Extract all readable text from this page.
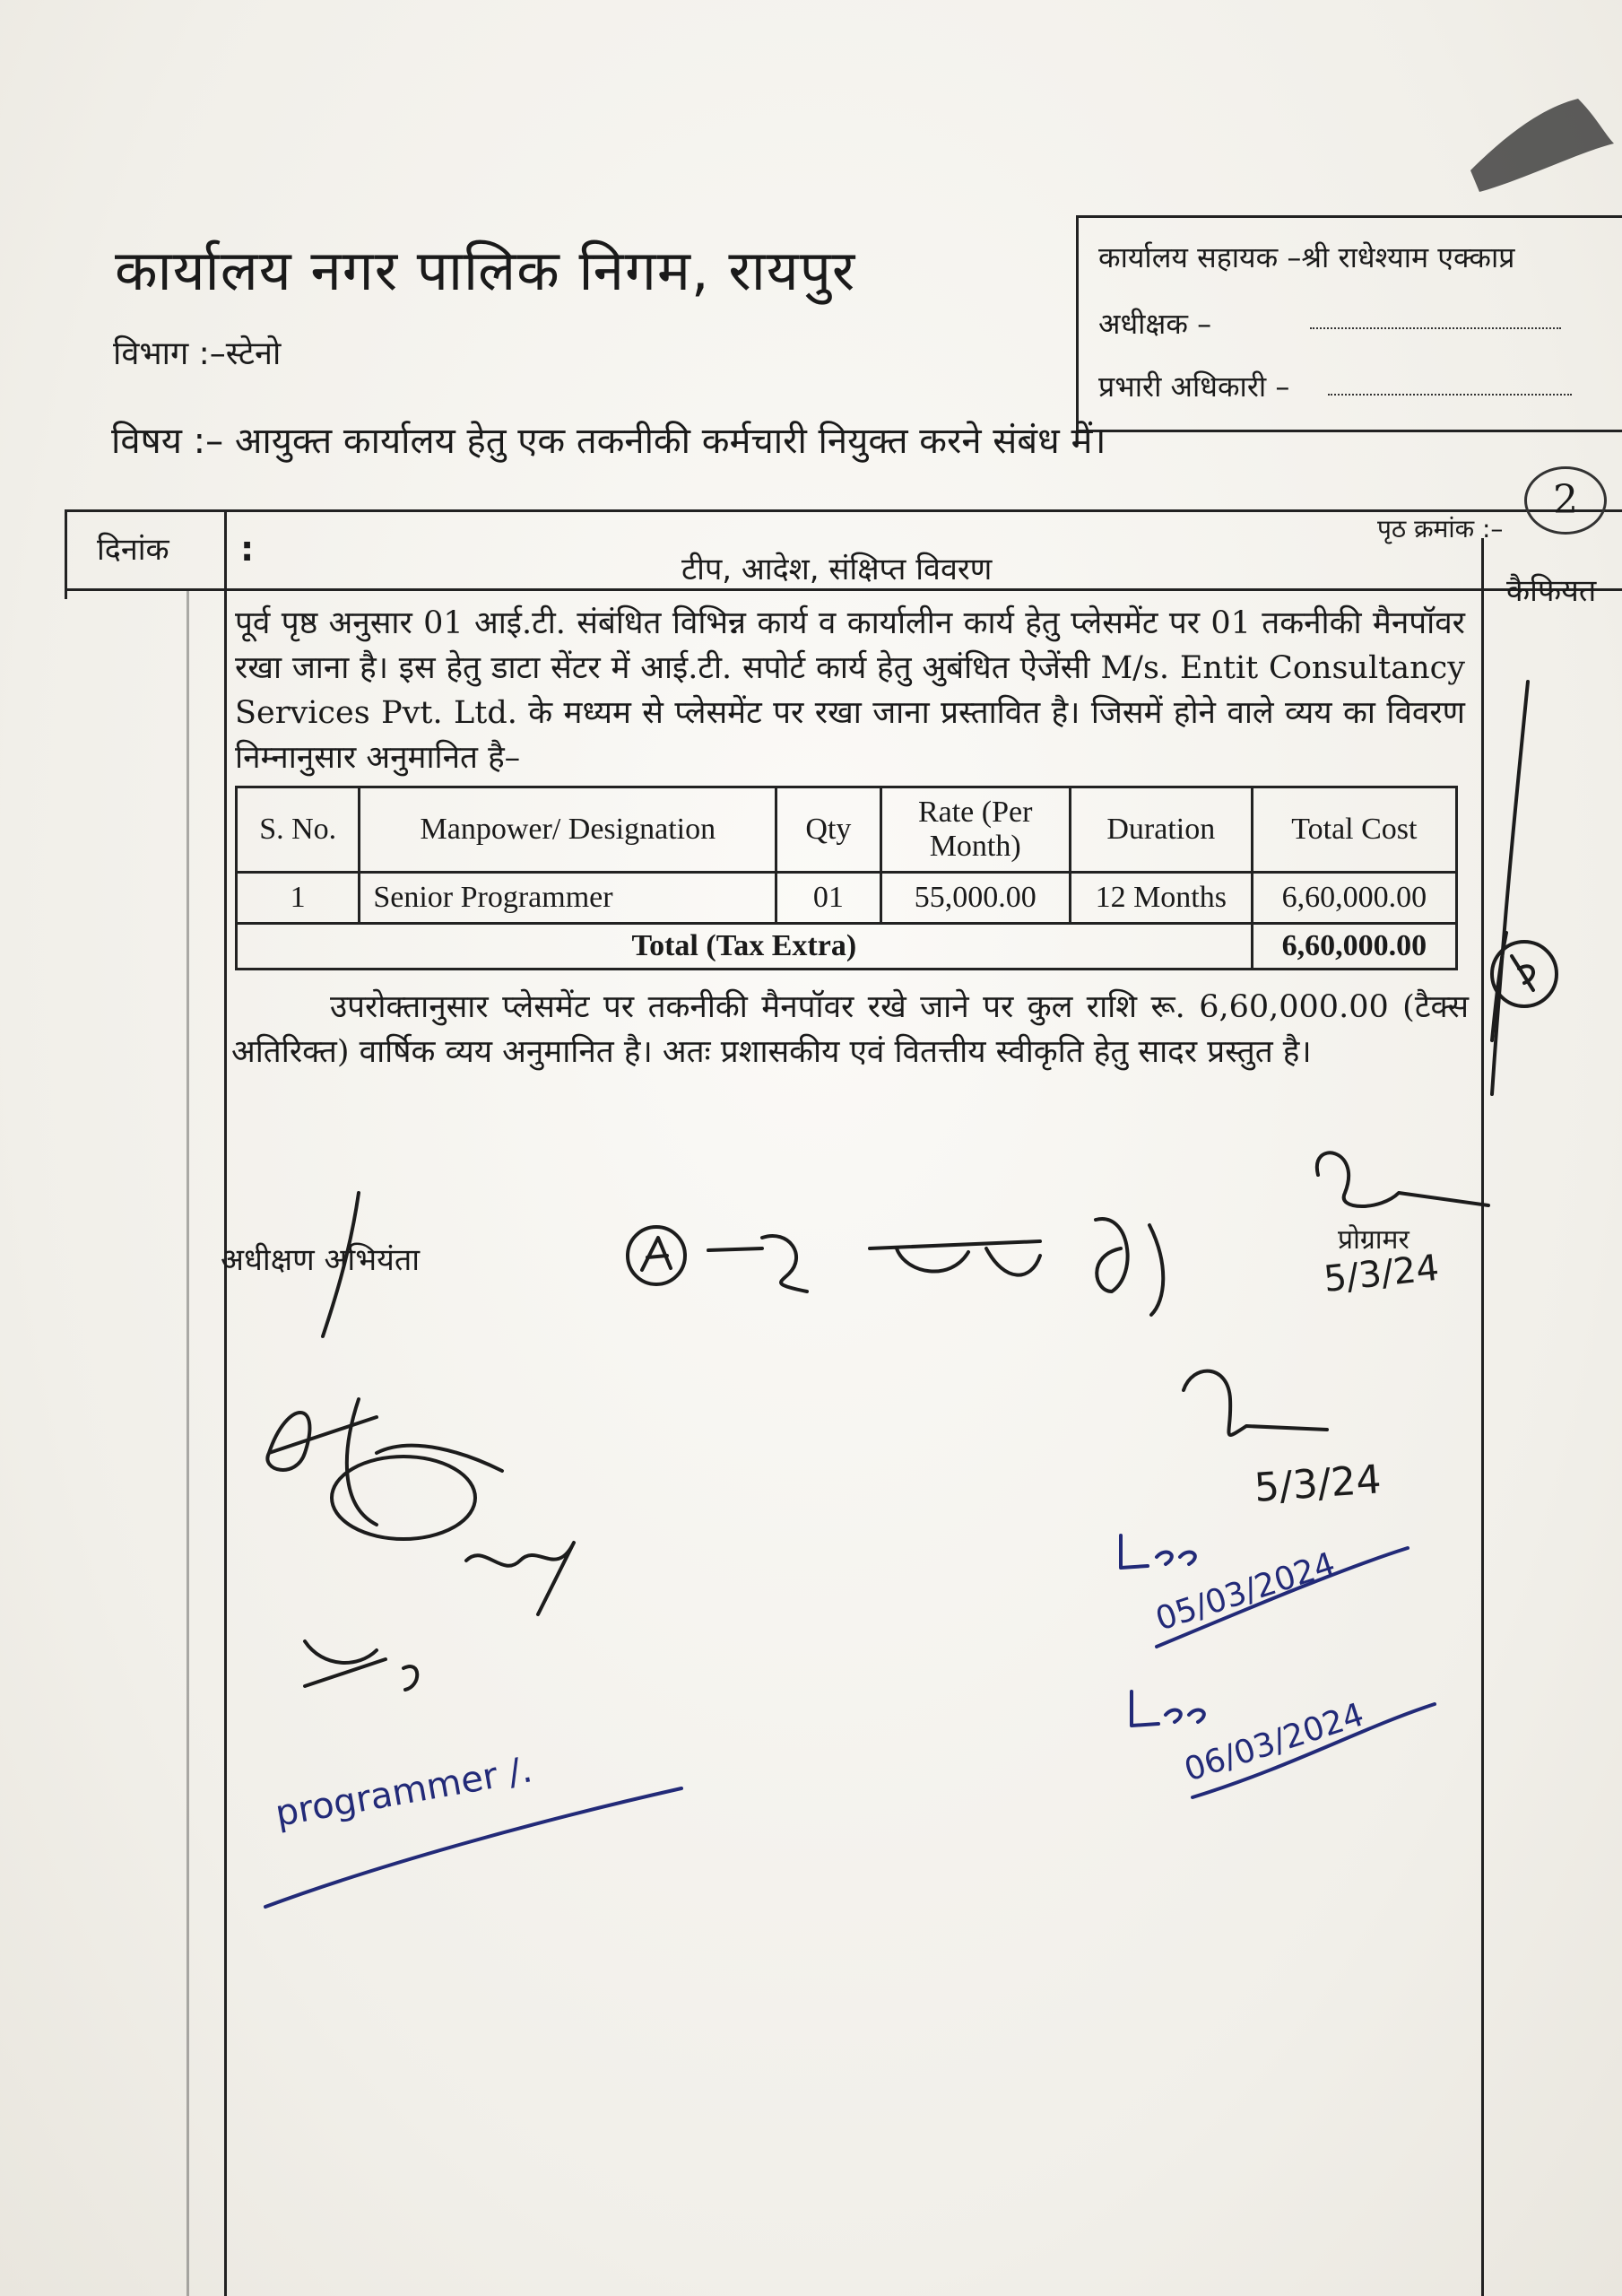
कार्यालय नगर पालिक निगम, रायपुर
विभाग :–स्टेनो
कार्यालय सहायक –श्री राधेश्याम एक्काप्र
अधीक्षक –
प्रभारी अधिकारी –
विषय :– आयुक्त कार्यालय हेतु एक तकनीकी कर्मचारी नियुक्त करने संबंध में।
दिनांक :
टीप, आदेश, संक्षिप्त विवरण
कैफियत
पृठ क्रमांक :–
2

पूर्व पृष्ठ अनुसार 01 आई.टी. संबंधित विभिन्न कार्य व कार्यालीन कार्य हेतु प्लेसमेंट पर 01 तकनीकी मैनपॉवर रखा जाना है। इस हेतु डाटा सेंटर में आई.टी. सपोर्ट कार्य हेतु अुबंधित ऐजेंसी M/s. Entit Consultancy Services Pvt. Ltd. के मध्यम से प्लेसमेंट पर रखा जाना प्रस्तावित है। जिसमें होने वाले व्यय का विवरण निम्नानुसार अनुमानित है–

S. No.	Manpower/ Designation	Qty	Rate (Per Month)	Duration	Total Cost
1	Senior Programmer	01	55,000.00	12 Months	6,60,000.00
Total (Tax Extra)					6,60,000.00

उपरोक्तानुसार प्लेसमेंट पर तकनीकी मैनपॉवर रखे जाने पर कुल राशि रू. 6,60,000.00 (टैक्स अतिरिक्त) वार्षिक व्यय अनुमानित है। अतः प्रशासकीय एवं वितत्तीय स्वीकृति हेतु सादर प्रस्तुत है।

अधीक्षण अभियंता
प्रोग्रामर
5/3/24
programmer /.
5/3/24
05/03/2024
06/03/2024
